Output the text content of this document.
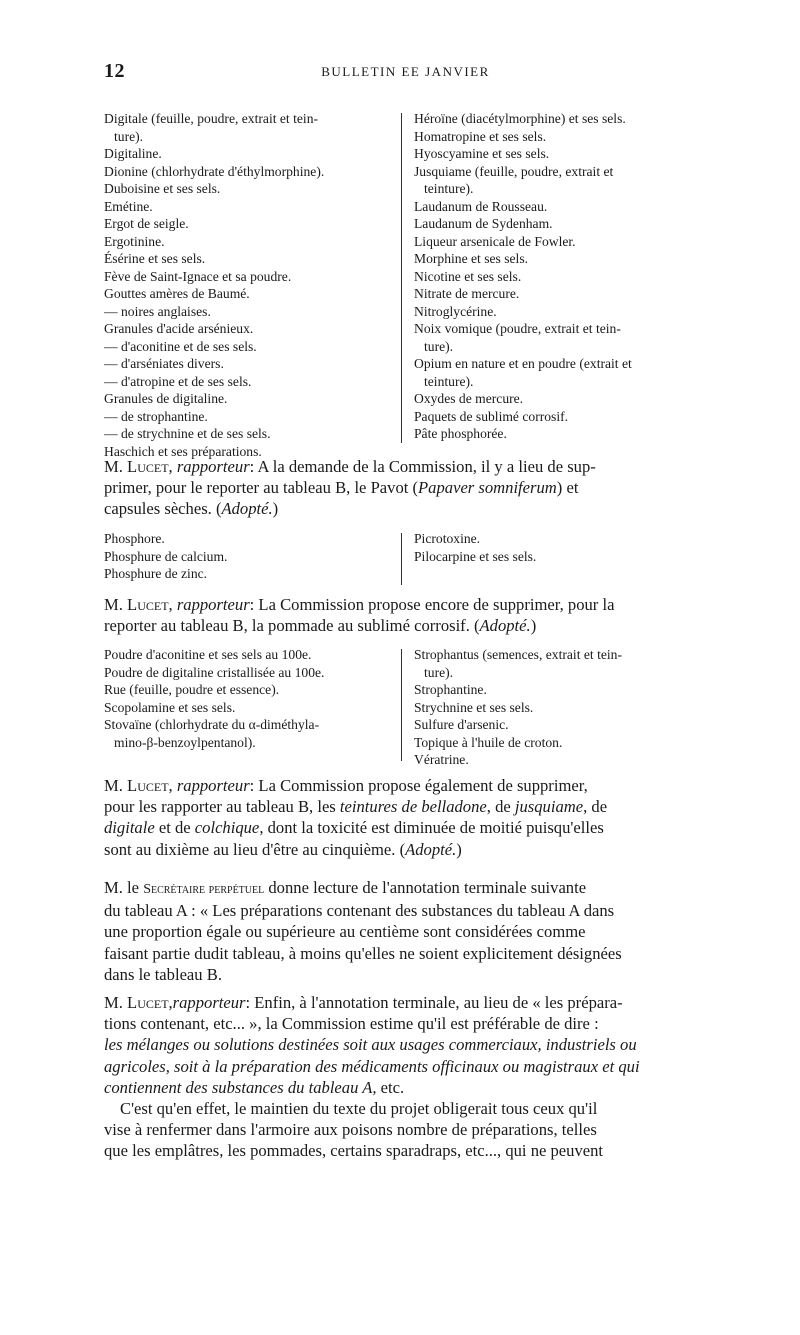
12	BULLETIN EE JANVIER
Digitale (feuille, poudre, extrait et tein-
ture).
Digitaline.
Dionine (chlorhydrate d'éthylmorphine).
Duboisine et ses sels.
Emétine.
Ergot de seigle.
Ergotinine.
Ésérine et ses sels.
Fève de Saint-Ignace et sa poudre.
Gouttes amères de Baumé.
— noires anglaises.
Granules d'acide arsénieux.
— d'aconitine et de ses sels.
— d'arséniates divers.
— d'atropine et de ses sels.
Granules de digitaline.
— de strophantine.
— de strychnine et de ses sels.
Haschich et ses préparations.
Héroïne (diacétylmorphine) et ses sels.
Homatropine et ses sels.
Hyoscyamine et ses sels.
Jusquiame (feuille, poudre, extrait et
teinture).
Laudanum de Rousseau.
Laudanum de Sydenham.
Liqueur arsenicale de Fowler.
Morphine et ses sels.
Nicotine et ses sels.
Nitrate de mercure.
Nitroglycérine.
Noix vomique (poudre, extrait et tein-
ture).
Opium en nature et en poudre (extrait et
teinture).
Oxydes de mercure.
Paquets de sublimé corrosif.
Pâte phosphorée.
M. Lucet, rapporteur: A la demande de la Commission, il y a lieu de sup-
primer, pour le reporter au tableau B, le Pavot (Papaver somniferum) et
capsules sèches. (Adopté.)
Phosphore.
Phosphure de calcium.
Phosphure de zinc.
Picrotoxine.
Pilocarpine et ses sels.
M. Lucet, rapporteur: La Commission propose encore de supprimer, pour la
reporter au tableau B, la pommade au sublimé corrosif. (Adopté.)
Poudre d'aconitine et ses sels au 100e.
Poudre de digitaline cristallisée au 100e.
Rue (feuille, poudre et essence).
Scopolamine et ses sels.
Stovaïne (chlorhydrate du α-diméthyla-
mino-β-benzoylpentanol).
Strophantus (semences, extrait et tein-
ture).
Strophantine.
Strychnine et ses sels.
Sulfure d'arsenic.
Topique à l'huile de croton.
Vératrine.
M. Lucet, rapporteur: La Commission propose également de supprimer,
pour les rapporter au tableau B, les teintures de belladone, de jusquiame, de
digitale et de colchique, dont la toxicité est diminuée de moitié puisqu'elles
sont au dixième au lieu d'être au cinquième. (Adopté.)
M. le Secrétaire perpétuel donne lecture de l'annotation terminale suivante
du tableau A : « Les préparations contenant des substances du tableau A dans
une proportion égale ou supérieure au centième sont considérées comme
faisant partie dudit tableau, à moins qu'elles ne soient explicitement désignées
dans le tableau B.
M. Lucet,rapporteur: Enfin, à l'annotation terminale, au lieu de « les prépara-
tions contenant, etc... », la Commission estime qu'il est préférable de dire :
les mélanges ou solutions destinées soit aux usages commerciaux, industriels ou
agricoles, soit à la préparation des médicaments officinaux ou magistraux et qui
contiennent des substances du tableau A, etc.
C'est qu'en effet, le maintien du texte du projet obligerait tous ceux qu'il
vise à renfermer dans l'armoire aux poisons nombre de préparations, telles
que les emplâtres, les pommades, certains sparadraps, etc..., qui ne peuvent
